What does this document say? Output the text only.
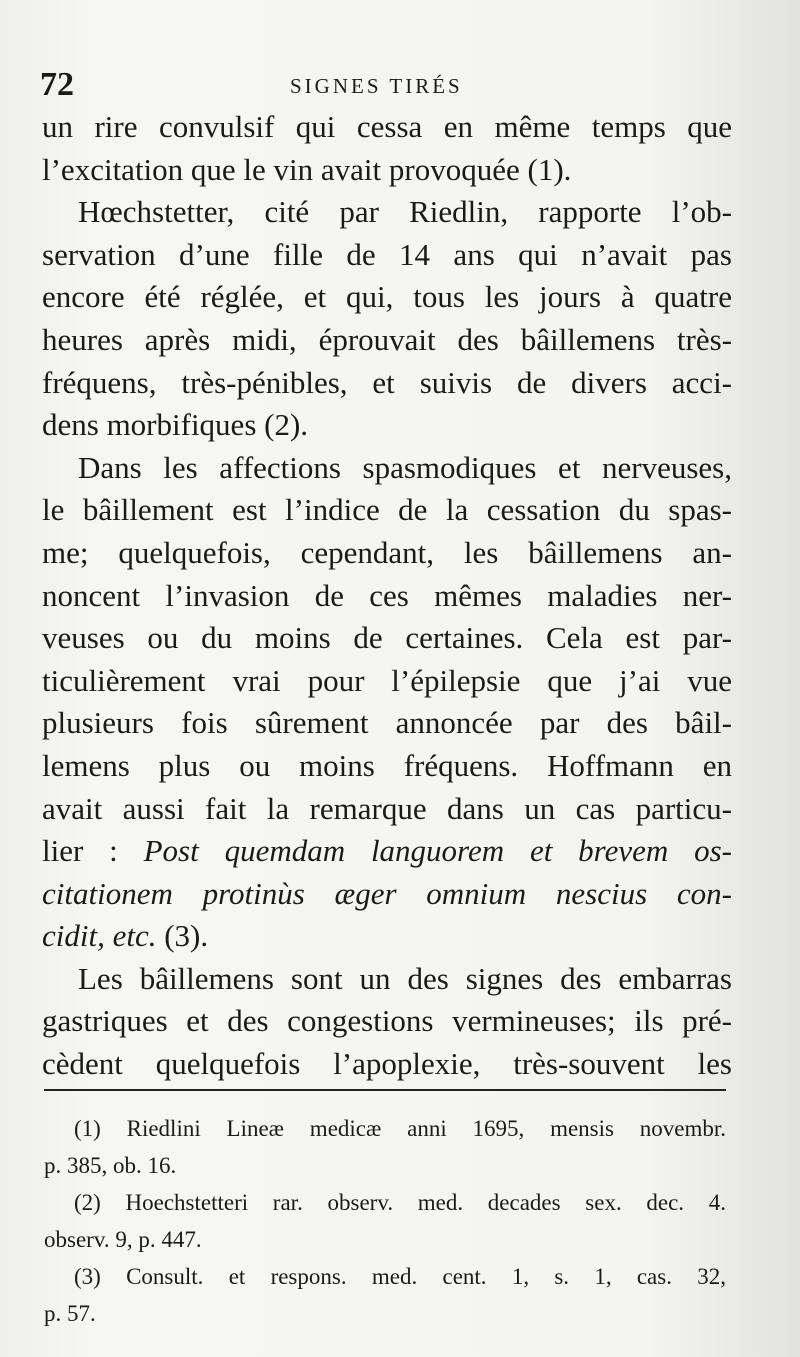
72	SIGNES TIRÉS
un rire convulsif qui cessa en même temps que
l’excitation que le vin avait provoquée (1).
Hœchstetter, cité par Riedlin, rapporte l’ob-
servation d’une fille de 14 ans qui n’avait pas
encore été réglée, et qui, tous les jours à quatre
heures après midi, éprouvait des bâillemens très-
fréquens, très-pénibles, et suivis de divers acci-
dens morbifiques (2).
Dans les affections spasmodiques et nerveuses,
le bâillement est l’indice de la cessation du spas-
me; quelquefois, cependant, les bâillemens an-
noncent l’invasion de ces mêmes maladies ner-
veuses ou du moins de certaines. Cela est par-
ticulièrement vrai pour l’épilepsie que j’ai vue
plusieurs fois sûrement annoncée par des bâil-
lemens plus ou moins fréquens. Hoffmann en
avait aussi fait la remarque dans un cas particu-
lier : Post quemdam languorem et brevem os-
citationem protinùs æger omnium nescius con-
cidit, etc. (3).
Les bâillemens sont un des signes des embarras
gastriques et des congestions vermineuses; ils pré-
cèdent quelquefois l’apoplexie, très-souvent les
(1) Riedlini Lineæ medicæ anni 1695, mensis novembr.
p. 385, ob. 16.
(2) Hoechstetteri rar. observ. med. decades sex. dec. 4.
observ. 9, p. 447.
(3) Consult. et respons. med. cent. 1, s. 1, cas. 32,
p. 57.
